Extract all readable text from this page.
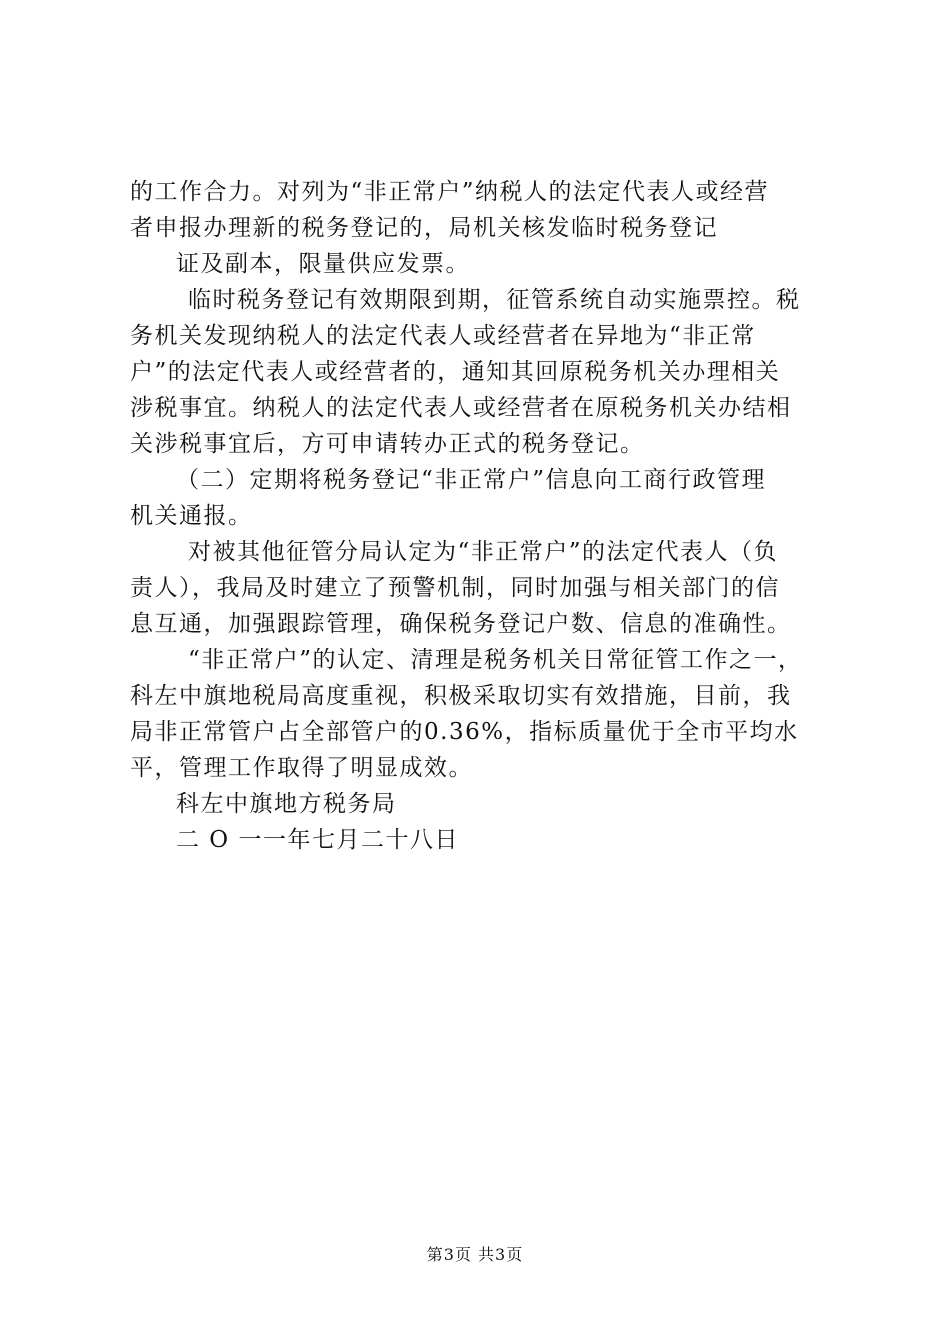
的工作合力。对列为“非正常户”纳税人的法定代表人或经营
者申报办理新的税务登记的，局机关核发临时税务登记
证及副本，限量供应发票。
临时税务登记有效期限到期，征管系统自动实施票控。税
务机关发现纳税人的法定代表人或经营者在异地为“非正常
户”的法定代表人或经营者的，通知其回原税务机关办理相关
涉税事宜。纳税人的法定代表人或经营者在原税务机关办结相
关涉税事宜后，方可申请转办正式的税务登记。
（二）定期将税务登记“非正常户”信息向工商行政管理
机关通报。
对被其他征管分局认定为“非正常户”的法定代表人（负
责人），我局及时建立了预警机制，同时加强与相关部门的信
息互通，加强跟踪管理，确保税务登记户数、信息的准确性。
“非正常户”的认定、清理是税务机关日常征管工作之一，
科左中旗地税局高度重视，积极采取切实有效措施，目前，我
局非正常管户占全部管户的0.36%，指标质量优于全市平均水
平，管理工作取得了明显成效。
科左中旗地方税务局
二 O 一一年七月二十八日
第3页 共3页
